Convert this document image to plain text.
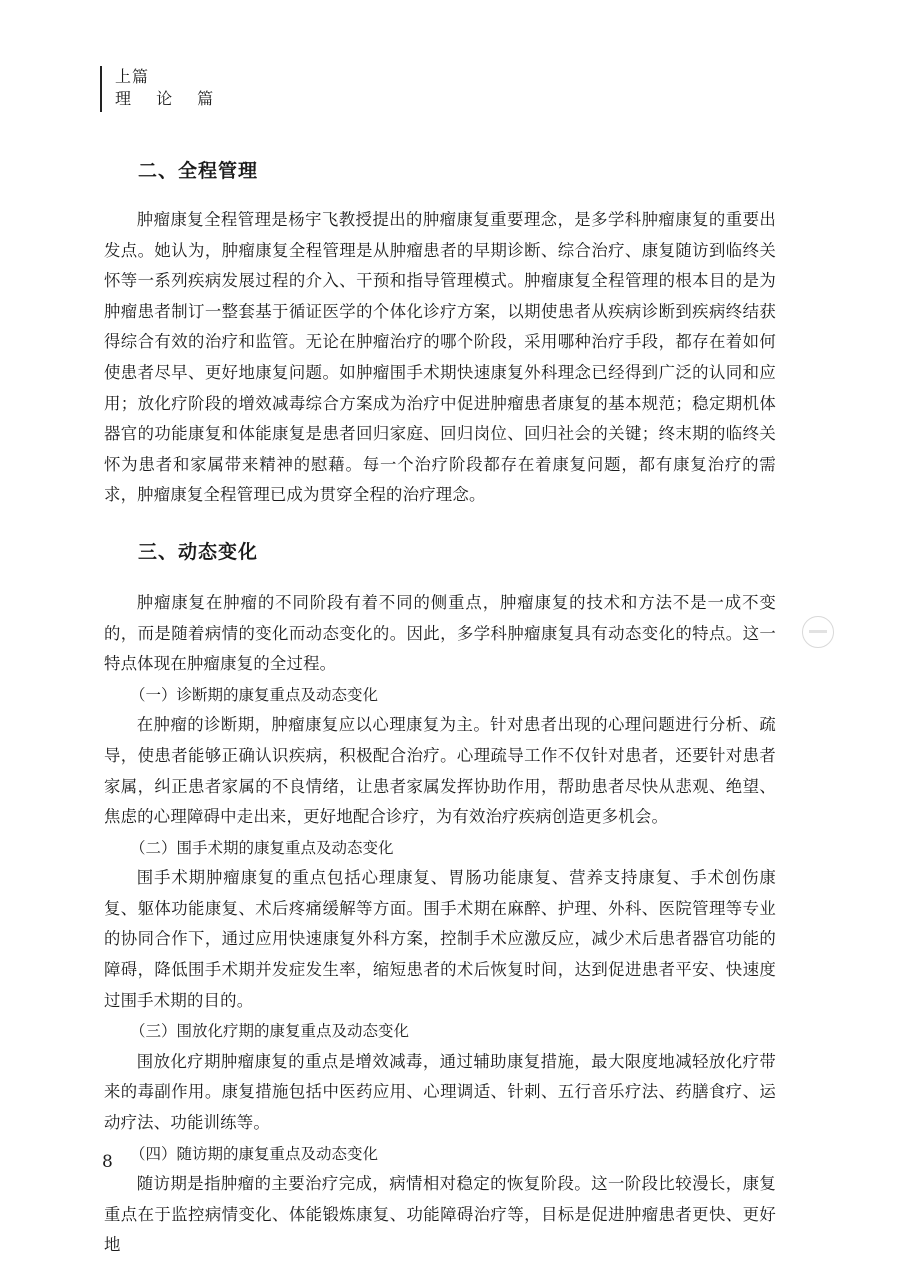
上篇
理 论 篇
二、全程管理

肿瘤康复全程管理是杨宇飞教授提出的肿瘤康复重要理念，是多学科肿瘤康复的重要出发点。她认为，肿瘤康复全程管理是从肿瘤患者的早期诊断、综合治疗、康复随访到临终关怀等一系列疾病发展过程的介入、干预和指导管理模式。肿瘤康复全程管理的根本目的是为肿瘤患者制订一整套基于循证医学的个体化诊疗方案，以期使患者从疾病诊断到疾病终结获得综合有效的治疗和监管。无论在肿瘤治疗的哪个阶段，采用哪种治疗手段，都存在着如何使患者尽早、更好地康复问题。如肿瘤围手术期快速康复外科理念已经得到广泛的认同和应用；放化疗阶段的增效减毒综合方案成为治疗中促进肿瘤患者康复的基本规范；稳定期机体器官的功能康复和体能康复是患者回归家庭、回归岗位、回归社会的关键；终末期的临终关怀为患者和家属带来精神的慰藉。每一个治疗阶段都存在着康复问题，都有康复治疗的需求，肿瘤康复全程管理已成为贯穿全程的治疗理念。

三、动态变化

肿瘤康复在肿瘤的不同阶段有着不同的侧重点，肿瘤康复的技术和方法不是一成不变的，而是随着病情的变化而动态变化的。因此，多学科肿瘤康复具有动态变化的特点。这一特点体现在肿瘤康复的全过程。

（一）诊断期的康复重点及动态变化

在肿瘤的诊断期，肿瘤康复应以心理康复为主。针对患者出现的心理问题进行分析、疏导，使患者能够正确认识疾病，积极配合治疗。心理疏导工作不仅针对患者，还要针对患者家属，纠正患者家属的不良情绪，让患者家属发挥协助作用，帮助患者尽快从悲观、绝望、焦虑的心理障碍中走出来，更好地配合诊疗，为有效治疗疾病创造更多机会。

（二）围手术期的康复重点及动态变化

围手术期肿瘤康复的重点包括心理康复、胃肠功能康复、营养支持康复、手术创伤康复、躯体功能康复、术后疼痛缓解等方面。围手术期在麻醉、护理、外科、医院管理等专业的协同合作下，通过应用快速康复外科方案，控制手术应激反应，减少术后患者器官功能的障碍，降低围手术期并发症发生率，缩短患者的术后恢复时间，达到促进患者平安、快速度过围手术期的目的。

（三）围放化疗期的康复重点及动态变化

围放化疗期肿瘤康复的重点是增效减毒，通过辅助康复措施，最大限度地减轻放化疗带来的毒副作用。康复措施包括中医药应用、心理调适、针刺、五行音乐疗法、药膳食疗、运动疗法、功能训练等。

（四）随访期的康复重点及动态变化

随访期是指肿瘤的主要治疗完成，病情相对稳定的恢复阶段。这一阶段比较漫长，康复重点在于监控病情变化、体能锻炼康复、功能障碍治疗等，目标是促进肿瘤患者更快、更好地

8
